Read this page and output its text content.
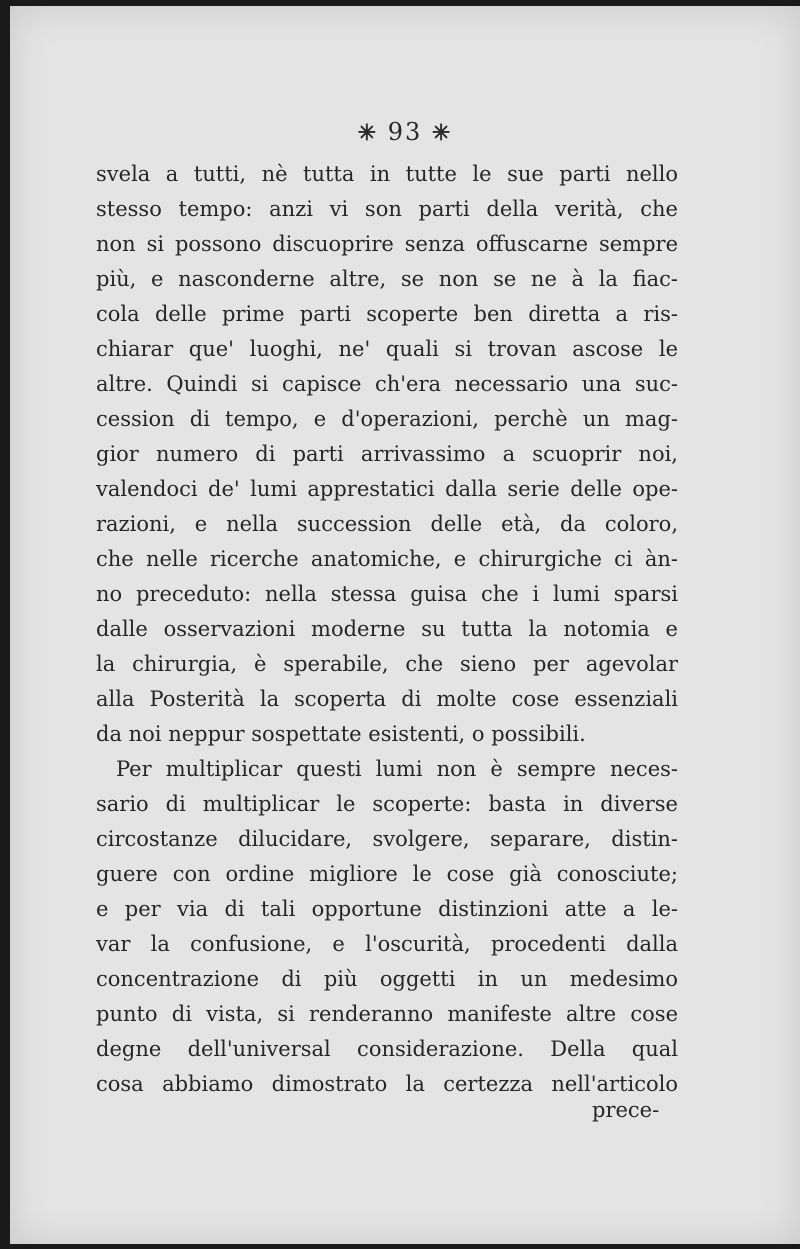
✳ 93 ✳
svela a tutti, nè tutta in tutte le sue parti nello
stesso tempo: anzi vi son parti della verità, che
non si possono discuoprire senza offuscarne sempre
più, e nasconderne altre, se non se ne à la fiac-
cola delle prime parti scoperte ben diretta a ris-
chiarar que' luoghi, ne' quali si trovan ascose le
altre. Quindi si capisce ch'era necessario una suc-
cession di tempo, e d'operazioni, perchè un mag-
gior numero di parti arrivassimo a scuoprir noi,
valendoci de' lumi apprestatici dalla serie delle ope-
razioni, e nella succession delle età, da coloro,
che nelle ricerche anatomiche, e chirurgiche ci àn-
no preceduto: nella stessa guisa che i lumi sparsi
dalle osservazioni moderne su tutta la notomia e
la chirurgia, è sperabile, che sieno per agevolar
alla Posterità la scoperta di molte cose essenziali
da noi neppur sospettate esistenti, o possibili.
Per multiplicar questi lumi non è sempre neces-
sario di multiplicar le scoperte: basta in diverse
circostanze dilucidare, svolgere, separare, distin-
guere con ordine migliore le cose già conosciute;
e per via di tali opportune distinzioni atte a le-
var la confusione, e l'oscurità, procedenti dalla
concentrazione di più oggetti in un medesimo
punto di vista, si renderanno manifeste altre cose
degne dell'universal considerazione. Della qual
cosa abbiamo dimostrato la certezza nell'articolo
prece-
